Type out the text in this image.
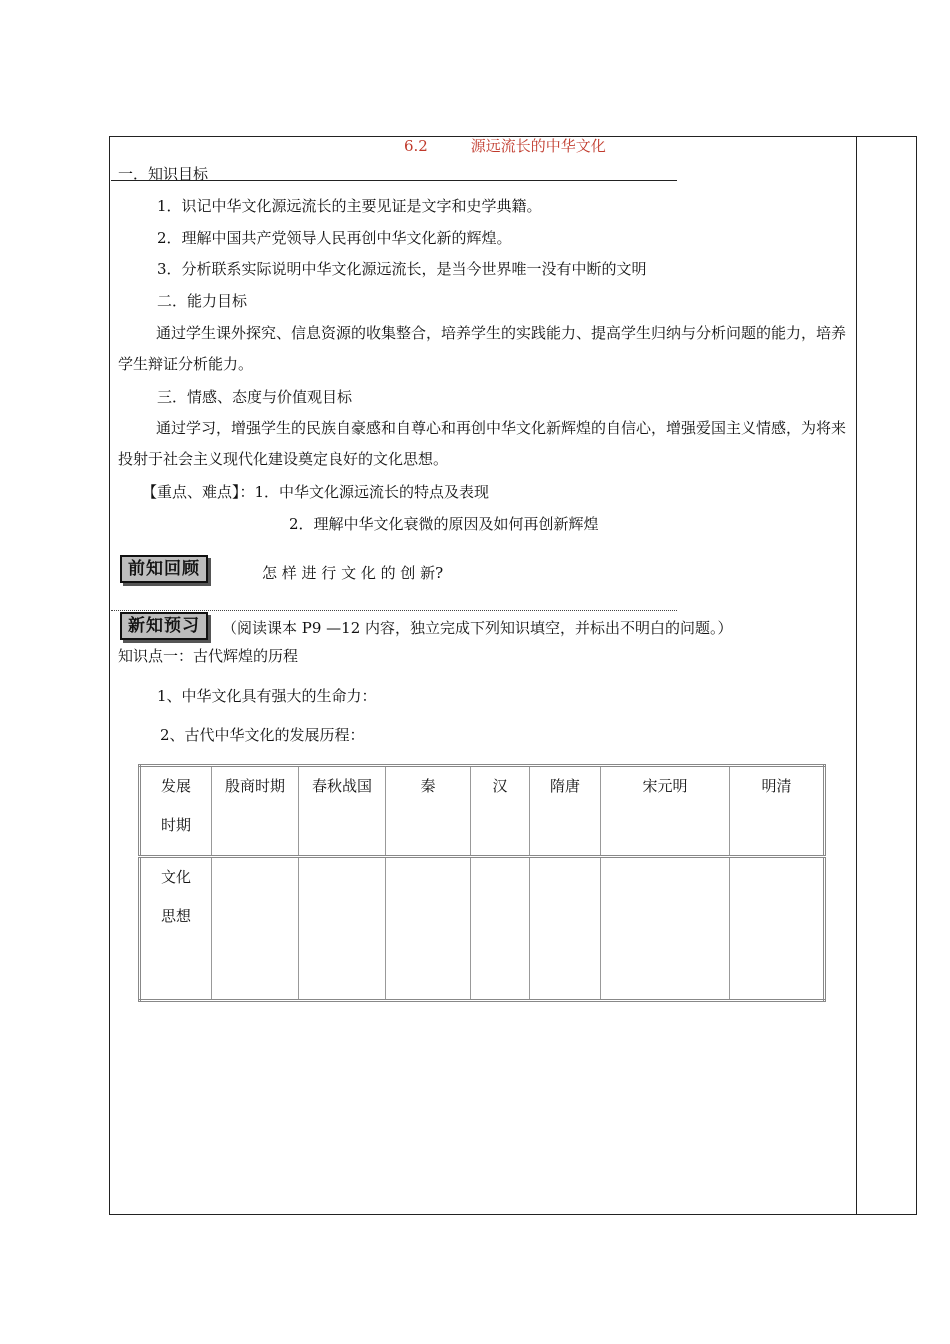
6.2	源远流长的中华文化
一．知识目标
1．识记中华文化源远流长的主要见证是文字和史学典籍。
2．理解中国共产党领导人民再创中华文化新的辉煌。
3．分析联系实际说明中华文化源远流长，是当今世界唯一没有中断的文明
二．能力目标
通过学生课外探究、信息资源的收集整合，培养学生的实践能力、提高学生归纳与分析问题的能力，培养学生辩证分析能力。
三．情感、态度与价值观目标
通过学习，增强学生的民族自豪感和自尊心和再创中华文化新辉煌的自信心，增强爱国主义情感，为将来投射于社会主义现代化建设奠定良好的文化思想。
【重点、难点】：1．中华文化源远流长的特点及表现
2．理解中华文化衰微的原因及如何再创新辉煌
前知回顾	怎 样 进 行 文 化 的 创 新?
新知预习	（阅读课本 P9 —12 内容，独立完成下列知识填空，并标出不明白的问题。）
知识点一：古代辉煌的历程
1、中华文化具有强大的生命力：
2、古代中华文化的发展历程：
发展
时期	殷商时期	春秋战国	秦	汉	隋唐	宋元明	明清
文化
思想							
